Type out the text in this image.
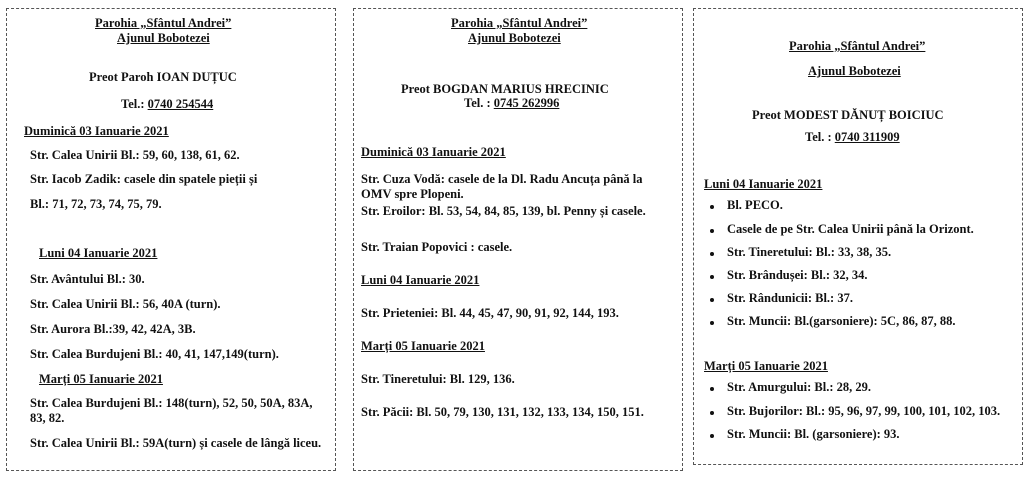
Parohia „Sfântul Andrei”
Ajunul Bobotezei
Preot Paroh IOAN DUȚUC
Tel.: 0740 254544
Duminică 03 Ianuarie 2021
Str. Calea Unirii Bl.: 59, 60, 138, 61, 62.
Str. Iacob Zadik: casele din spatele pieții și
Bl.: 71, 72, 73, 74, 75, 79.
Luni 04 Ianuarie 2021
Str. Avântului Bl.: 30.
Str. Calea Unirii Bl.: 56, 40A (turn).
Str. Aurora Bl.:39, 42, 42A, 3B.
Str. Calea Burdujeni Bl.: 40, 41, 147,149(turn).
Marți 05 Ianuarie 2021
Str. Calea Burdujeni Bl.: 148(turn), 52, 50, 50A, 83A, 83, 82.
Str. Calea Unirii Bl.: 59A(turn) și casele de lângă liceu.
Parohia „Sfântul Andrei”
Ajunul Bobotezei
Preot BOGDAN MARIUS HRECINIC
Tel. : 0745 262996
Duminică 03 Ianuarie 2021
Str. Cuza Vodă: casele de la Dl. Radu Ancuța până la OMV spre Plopeni.
Str. Eroilor: Bl. 53, 54, 84, 85, 139, bl. Penny și casele.
Str. Traian Popovici : casele.
Luni 04 Ianuarie 2021
Str. Prieteniei: Bl. 44, 45, 47, 90, 91, 92, 144, 193.
Marți 05 Ianuarie 2021
Str. Tineretului: Bl. 129, 136.
Str. Păcii: Bl. 50, 79, 130, 131, 132, 133, 134, 150, 151.
Parohia „Sfântul Andrei”
Ajunul Bobotezei
Preot MODEST DĂNUȚ BOICIUC
Tel. : 0740 311909
Luni 04 Ianuarie 2021
Bl. PECO.
Casele de pe Str. Calea Unirii până la Orizont.
Str. Tineretului: Bl.: 33, 38, 35.
Str. Brândușei: Bl.: 32, 34.
Str. Rândunicii: Bl.: 37.
Str. Muncii: Bl.(garsoniere): 5C, 86, 87, 88.
Marți 05 Ianuarie 2021
Str. Amurgului: Bl.: 28, 29.
Str. Bujorilor: Bl.: 95, 96, 97, 99, 100, 101, 102, 103.
Str. Muncii: Bl. (garsoniere): 93.
